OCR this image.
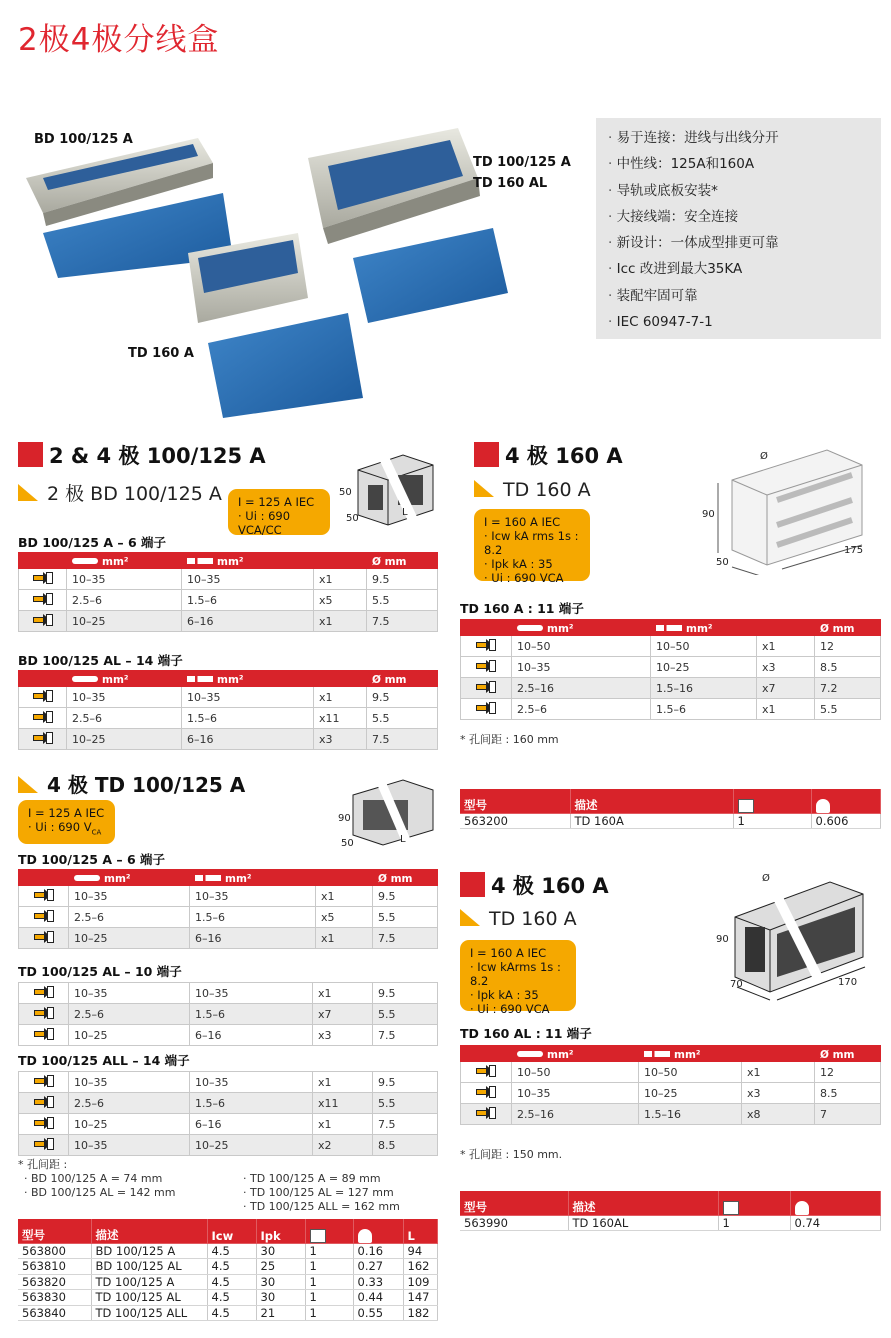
2极4极分线盒
BD 100/125 A
TD 100/125 A
TD 160 AL
TD 160 A
· 易于连接：进线与出线分开
· 中性线：125A和160A
· 导轨或底板安装*
· 大接线端：安全连接
· 新设计：一体成型排更可靠
· Icc 改进到最大35KA
· 装配牢固可靠
· IEC 60947-7-1
2 & 4 极 100/125 A
2 极 BD 100/125 A I = 125 A IEC
· Ui : 690 VCA/CC
50
50
L
BD 100/125 A – 6 端子
	mm²	mm²		Ø mm

	10–35	10–35	x1	9.5

	2.5–6	1.5–6	x5	5.5

	10–25	6–16	x1	7.5
BD 100/125 AL – 14 端子
	mm²	mm²		Ø mm

	10–35	10–35	x1	9.5

	2.5–6	1.5–6	x11	5.5

	10–25	6–16	x3	7.5
4 极 TD 100/125 A
I = 125 A IEC
· Ui : 690 $V_{CA}$
90
50	L
TD 100/125 A – 6 端子
	mm²	mm²		Ø mm

	10–35	10–35	x1	9.5

	2.5–6	1.5–6	x5	5.5

	10–25	6–16	x1	7.5
TD 100/125 AL – 10 端子
	10–35	10–35	x1	9.5

	2.5–6	1.5–6	x7	5.5

	10–25	6–16	x3	7.5
TD 100/125 ALL – 14 端子
	10–35	10–35	x1	9.5

	2.5–6	1.5–6	x11	5.5

	10–25	6–16	x1	7.5

	10–35	10–25	x2	8.5
* 孔间距 :
· BD 100/125 A = 74 mm
· BD 100/125 AL = 142 mm
· TD 100/125 A = 89 mm
· TD 100/125 AL = 127 mm
· TD 100/125 ALL = 162 mm
型号	描述	Icw	Ipk			L
563800	BD 100/125 A	4.5	30	1	0.16	94
563810	BD 100/125 AL	4.5	25	1	0.27	162
563820	TD 100/125 A	4.5	30	1	0.33	109
563830	TD 100/125 AL	4.5	30	1	0.44	147
563840	TD 100/125 ALL	4.5	21	1	0.55	182
4 极 160 A
TD 160 A
I = 160 A IEC
· Icw kA rms 1s : 8.2
· Ipk kA : 35
· Ui : 690 VCA
Ø
90
50
175
TD 160 A : 11 端子
	mm²	mm²		Ø mm

	10–50	10–50	x1	12

	10–35	10–25	x3	8.5

	2.5–16	1.5–16	x7	7.2

	2.5–6	1.5–6	x1	5.5
* 孔间距 : 160 mm
型号	描述		
563200	TD 160A	1	0.606
4 极 160 A
TD 160 A
I = 160 A IEC
· Icw kArms 1s : 8.2
· Ipk kA : 35
· Ui : 690 VCA
Ø
90
70	170
TD 160 AL : 11 端子
	mm²	mm²		Ø mm

	10–50	10–50	x1	12

	10–35	10–25	x3	8.5

	2.5–16	1.5–16	x8	7
* 孔间距 : 150 mm.
型号	描述		
563990	TD 160AL	1	0.74
